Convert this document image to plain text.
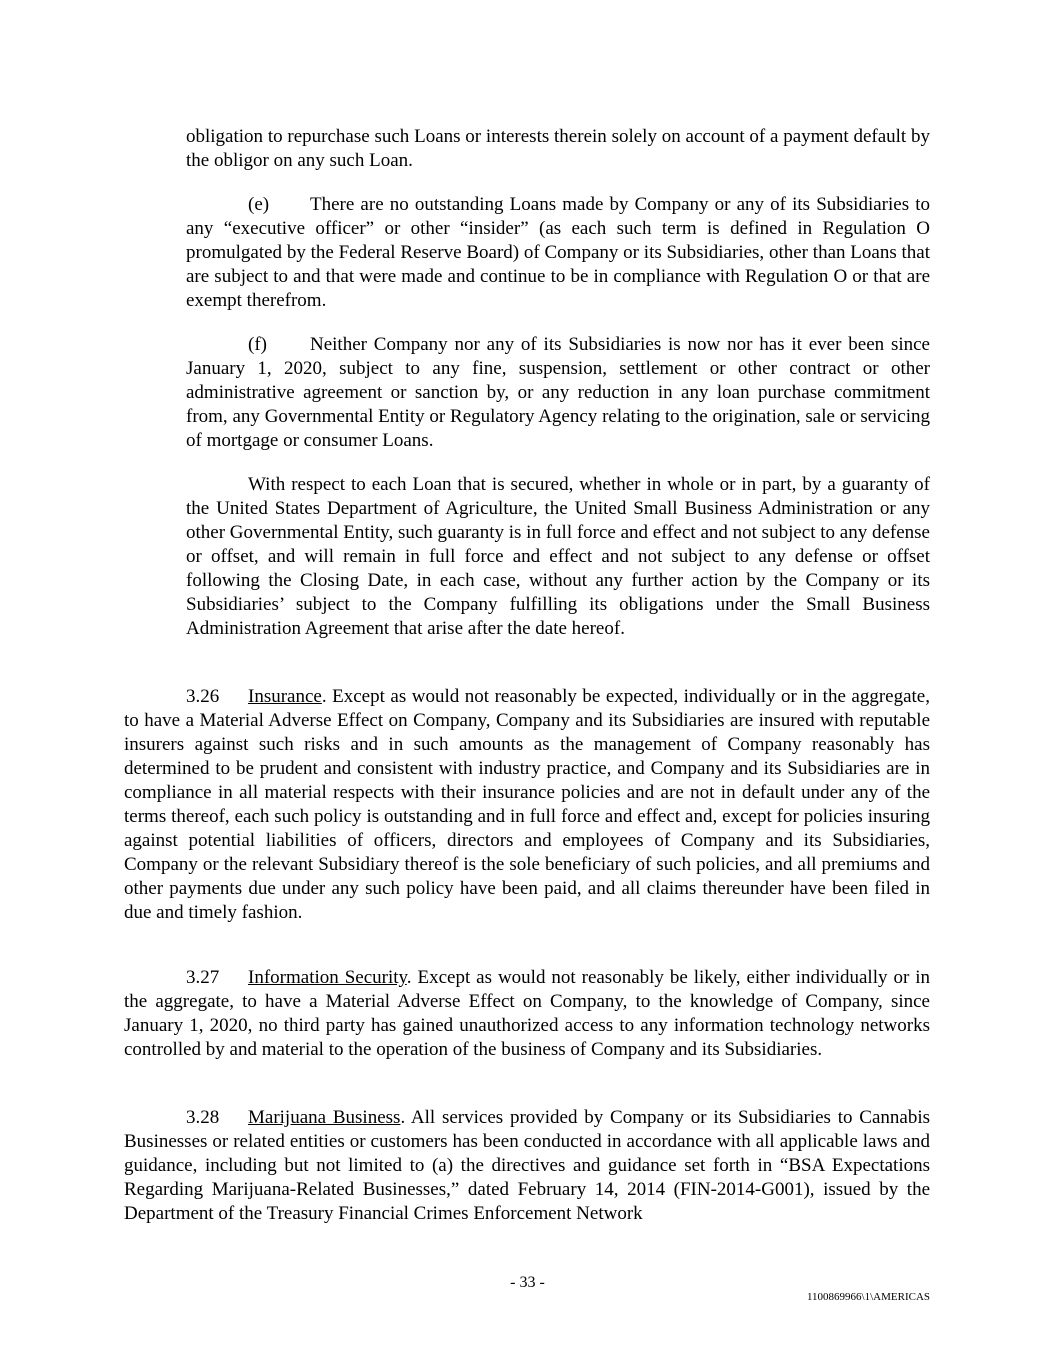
obligation to repurchase such Loans or interests therein solely on account of a payment default by the obligor on any such Loan.

(e) There are no outstanding Loans made by Company or any of its Subsidiaries to any “executive officer” or other “insider” (as each such term is defined in Regulation O promulgated by the Federal Reserve Board) of Company or its Subsidiaries, other than Loans that are subject to and that were made and continue to be in compliance with Regulation O or that are exempt therefrom.

(f) Neither Company nor any of its Subsidiaries is now nor has it ever been since January 1, 2020, subject to any fine, suspension, settlement or other contract or other administrative agreement or sanction by, or any reduction in any loan purchase commitment from, any Governmental Entity or Regulatory Agency relating to the origination, sale or servicing of mortgage or consumer Loans.

With respect to each Loan that is secured, whether in whole or in part, by a guaranty of the United States Department of Agriculture, the United Small Business Administration or any other Governmental Entity, such guaranty is in full force and effect and not subject to any defense or offset, and will remain in full force and effect and not subject to any defense or offset following the Closing Date, in each case, without any further action by the Company or its Subsidiaries’ subject to the Company fulfilling its obligations under the Small Business Administration Agreement that arise after the date hereof.

3.26 Insurance. Except as would not reasonably be expected, individually or in the aggregate, to have a Material Adverse Effect on Company, Company and its Subsidiaries are insured with reputable insurers against such risks and in such amounts as the management of Company reasonably has determined to be prudent and consistent with industry practice, and Company and its Subsidiaries are in compliance in all material respects with their insurance policies and are not in default under any of the terms thereof, each such policy is outstanding and in full force and effect and, except for policies insuring against potential liabilities of officers, directors and employees of Company and its Subsidiaries, Company or the relevant Subsidiary thereof is the sole beneficiary of such policies, and all premiums and other payments due under any such policy have been paid, and all claims thereunder have been filed in due and timely fashion.

3.27 Information Security. Except as would not reasonably be likely, either individually or in the aggregate, to have a Material Adverse Effect on Company, to the knowledge of Company, since January 1, 2020, no third party has gained unauthorized access to any information technology networks controlled by and material to the operation of the business of Company and its Subsidiaries.

3.28 Marijuana Business. All services provided by Company or its Subsidiaries to Cannabis Businesses or related entities or customers has been conducted in accordance with all applicable laws and guidance, including but not limited to (a) the directives and guidance set forth in “BSA Expectations Regarding Marijuana-Related Businesses,” dated February 14, 2014 (FIN-2014-G001), issued by the Department of the Treasury Financial Crimes Enforcement Network

- 33 -
1100869966\1\AMERICAS
